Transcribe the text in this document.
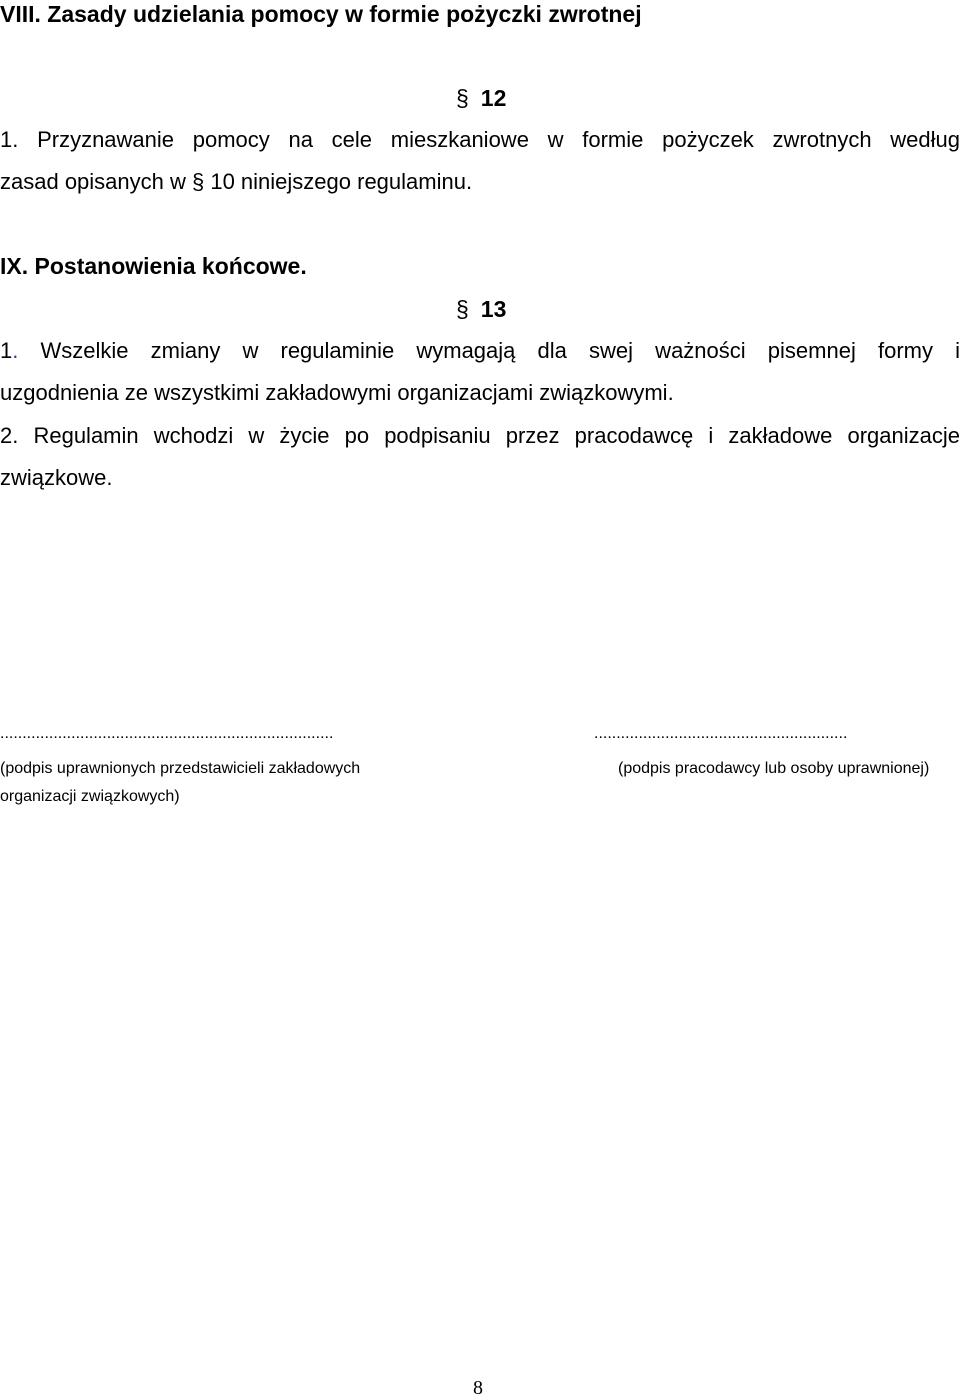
VIII. Zasady udzielania pomocy w formie pożyczki zwrotnej
§ 12
1. Przyznawanie pomocy na cele mieszkaniowe w formie pożyczek zwrotnych według
zasad opisanych w § 10 niniejszego regulaminu.
IX. Postanowienia końcowe.
§ 13
1. Wszelkie zmiany w regulaminie wymagają dla swej ważności pisemnej formy i
uzgodnienia ze wszystkimi zakładowymi organizacjami związkowymi.
2. Regulamin wchodzi w życie po podpisaniu przez pracodawcę i zakładowe organizacje
związkowe.
...........................................................................	.........................................................
(podpis uprawnionych przedstawicieli zakładowych
organizacji związkowych)
(podpis pracodawcy lub osoby uprawnionej)
8
